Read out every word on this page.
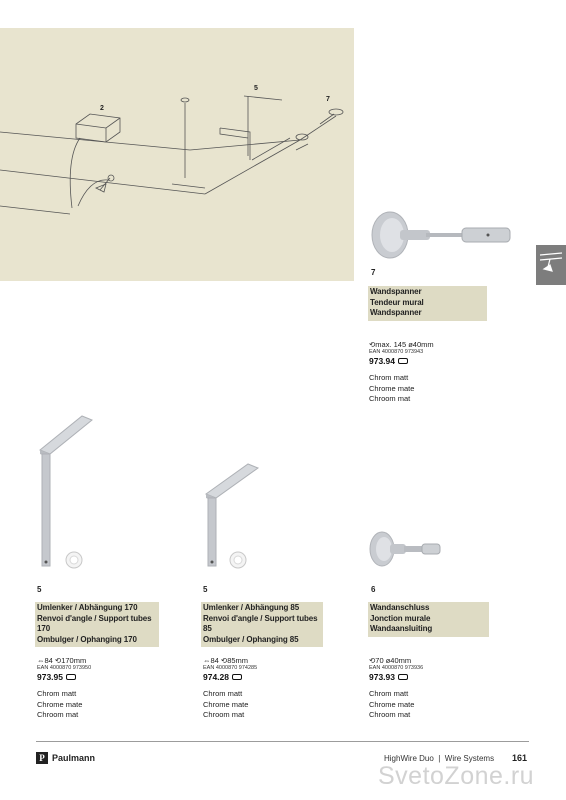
2
5
7
7
Wandspanner
Tendeur mural
Wandspanner
⟲max. 145 ø40mm
EAN 4000870 973943
973.94
Chrom matt
Chrome mate
Chroom mat
5
Umlenker / Abhängung 170
Renvoi d'angle / Support tubes 170
Ombulger / Ophanging 170
⇔84 ⟲170mm
EAN 4000870 973950
973.95
Chrom matt
Chrome mate
Chroom mat
5
Umlenker / Abhängung 85
Renvoi d'angle / Support tubes 85
Ombulger / Ophanging 85
⇔84 ⟲85mm
EAN 4000870 974285
974.28
Chrom matt
Chrome mate
Chroom mat
6
Wandanschluss
Jonction murale
Wandaansluiting
⟲70 ø40mm
EAN 4000870 973936
973.93
Chrom matt
Chrome mate
Chroom mat
P Paulmann	HighWire Duo  |  Wire Systems 161
SvetoZone.ru
